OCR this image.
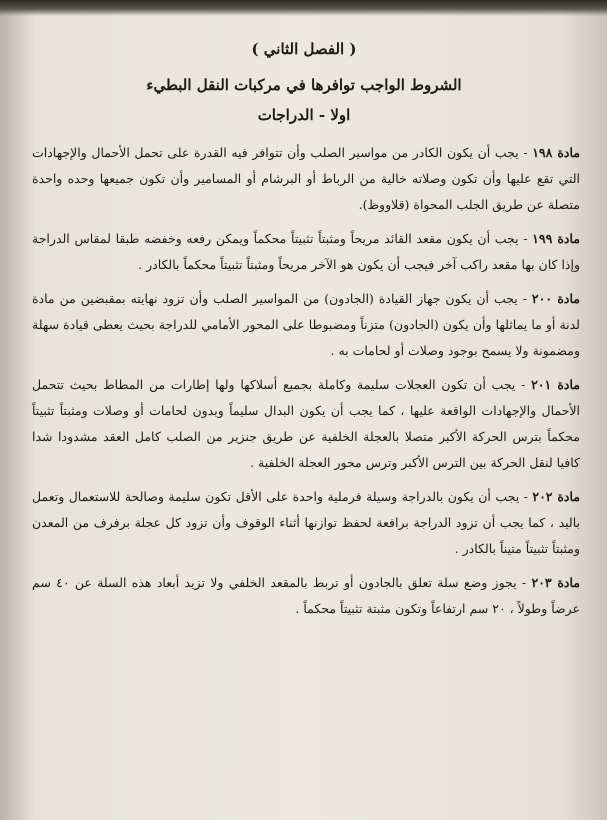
( الفصل الثاني )
الشروط الواجب توافرها في مركبات النقل البطيء
اولا - الدراجات

مادة ١٩٨ - يجب أن يكون الكادر من مواسير الصلب وأن تتوافر فيه القدرة على تحمل الأحمال والإجهادات التي تقع عليها وأن تكون وصلاته خالية من الرباط أو البرشام أو المسامير وأن تكون جميعها وحده واحدة متصلة عن طريق الجلب المحواة (قلاووظ).

مادة ١٩٩ - يجب أن يكون مقعد القائد مريحاً ومثبتاً تثبيتاً محكماً ويمكن رفعه وخفضه طبقا لمقاس الدراجة وإذا كان بها مقعد راكب آخر فيجب أن يكون هو الآخر مريحاً ومثبتاً تثبيتاً محكماً بالكادر .

مادة ٢٠٠ - يجب أن يكون جهاز القيادة (الجادون) من المواسير الصلب وأن تزود نهايته بمقبضين من مادة لدنة أو ما يماثلها وأن يكون (الجادون) متزناً ومضبوطا على المحور الأمامي للدراجة بحيث يعطى قيادة سهلة ومضمونة ولا يسمح بوجود وصلات أو لحامات به .

مادة ٢٠١ - يجب أن تكون العجلات سليمة وكاملة بجميع أسلاكها ولها إطارات من المطاط بحيث تتحمل الأحمال والإجهادات الواقعة عليها ، كما يجب أن يكون البدال سليماً وبدون لحامات أو وصلات ومثبتاً تثبيتاً محكماً بترس الحركة الأكبر متصلا بالعجلة الخلفية عن طريق جنزير من الصلب كامل العقد مشدودا شدا كافيا لنقل الحركة بين الترس الأكبر وترس محور العجلة الخلفية .

مادة ٢٠٢ - يجب أن يكون بالدراجة وسيلة فرملية واحدة على الأقل تكون سليمة وصالحة للاستعمال وتعمل باليد ، كما يجب أن تزود الدراجة برافعة لحفظ توازنها أثناء الوقوف وأن تزود كل عجلة برفرف من المعدن ومثبتاً تثبيتاً متيناً بالكادر .

مادة ٢٠٣ - يجوز وضع سلة تعلق بالجادون أو تربط بالمقعد الخلفي ولا تزيد أبعاد هذه السلة عن ٤٠ سم عرضاً وطولاً ، ٢٠ سم ارتفاعاً وتكون مثبتة تثبيتاً محكماً .
